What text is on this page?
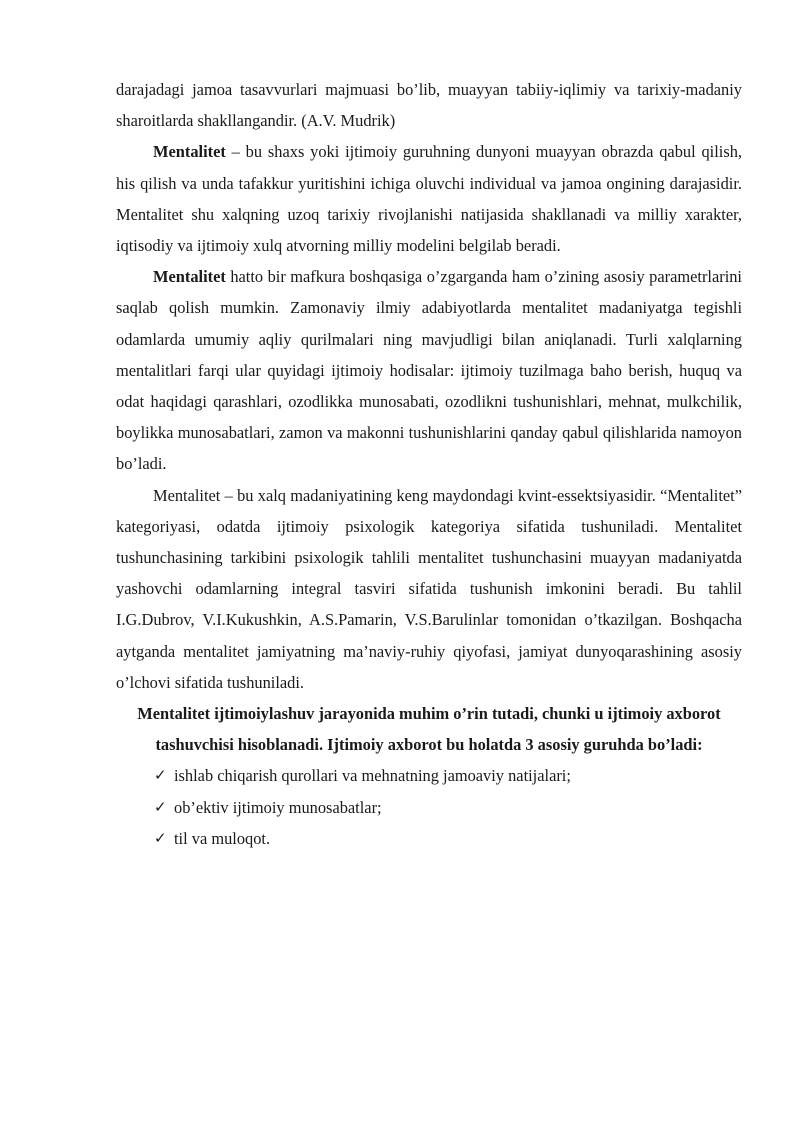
darajadagi jamoa tasavvurlari majmuasi bo’lib, muayyan tabiiy-iqlimiy va tarixiy-madaniy sharoitlarda shakllangandir. (A.V. Mudrik)

Mentalitet – bu shaxs yoki ijtimoiy guruhning dunyoni muayyan obrazda qabul qilish, his qilish va unda tafakkur yuritishini ichiga oluvchi individual va jamoa ongining darajasidir. Mentalitet shu xalqning uzoq tarixiy rivojlanishi natijasida shakllanadi va milliy xarakter, iqtisodiy va ijtimoiy xulq atvorning milliy modelini belgilab beradi.

Mentalitet hatto bir mafkura boshqasiga o’zgarganda ham o’zining asosiy parametrlarini saqlab qolish mumkin. Zamonaviy ilmiy adabiyotlarda mentalitet madaniyatga tegishli odamlarda umumiy aqliy qurilmalari ning mavjudligi bilan aniqlanadi. Turli xalqlarning mentalitlari farqi ular quyidagi ijtimoiy hodisalar: ijtimoiy tuzilmaga baho berish, huquq va odat haqidagi qarashlari, ozodlikka munosabati, ozodlikni tushunishlari, mehnat, mulkchilik, boylikka munosabatlari, zamon va makonni tushunishlarini qanday qabul qilishlarida namoyon bo’ladi.

Mentalitet – bu xalq madaniyatining keng maydondagi kvint-essektsiyasidir. “Mentalitet” kategoriyasi, odatda ijtimoiy psixologik kategoriya sifatida tushuniladi. Mentalitet tushunchasining tarkibini psixologik tahlili mentalitet tushunchasini muayyan madaniyatda yashovchi odamlarning integral tasviri sifatida tushunish imkonini beradi. Bu tahlil I.G.Dubrov, V.I.Kukushkin, A.S.Pamarin, V.S.Barulinlar tomonidan o’tkazilgan. Boshqacha aytganda mentalitet jamiyatning ma’naviy-ruhiy qiyofasi, jamiyat dunyoqarashining asosiy o’lchovi sifatida tushuniladi.

Mentalitet ijtimoiylashuv jarayonida muhim o’rin tutadi, chunki u ijtimoiy axborot tashuvchisi hisoblanadi. Ijtimoiy axborot bu holatda 3 asosiy guruhda bo’ladi:

✓ ishlab chiqarish qurollari va mehnatning jamoaviy natijalari;
✓ ob’ektiv ijtimoiy munosabatlar;
✓ til va muloqot.
